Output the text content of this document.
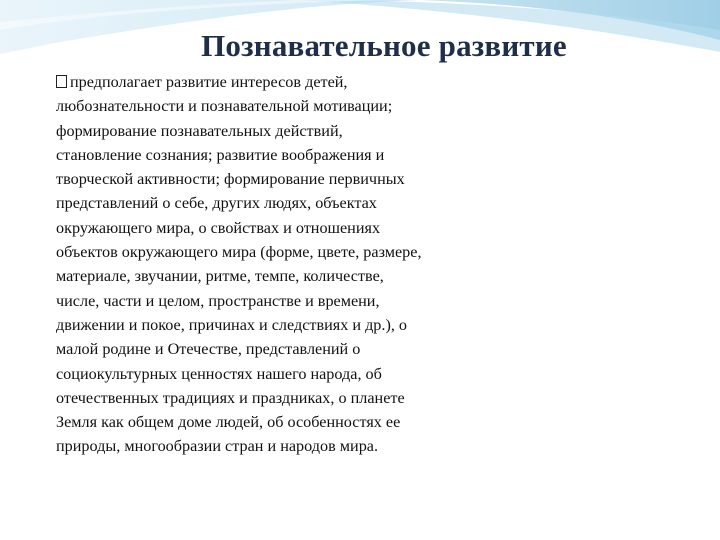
Познавательное развитие
предполагает развитие интересов детей,
любознательности и познавательной мотивации;
формирование познавательных действий,
становление сознания; развитие воображения и
творческой активности; формирование первичных
представлений о себе, других людях, объектах
окружающего мира, о свойствах и отношениях
объектов окружающего мира (форме, цвете, размере,
материале, звучании, ритме, темпе, количестве,
числе, части и целом, пространстве и времени,
движении и покое, причинах и следствиях и др.), о
малой родине и Отечестве, представлений о
социокультурных ценностях нашего народа, об
отечественных традициях и праздниках, о планете
Земля как общем доме людей, об особенностях ее
природы, многообразии стран и народов мира.
